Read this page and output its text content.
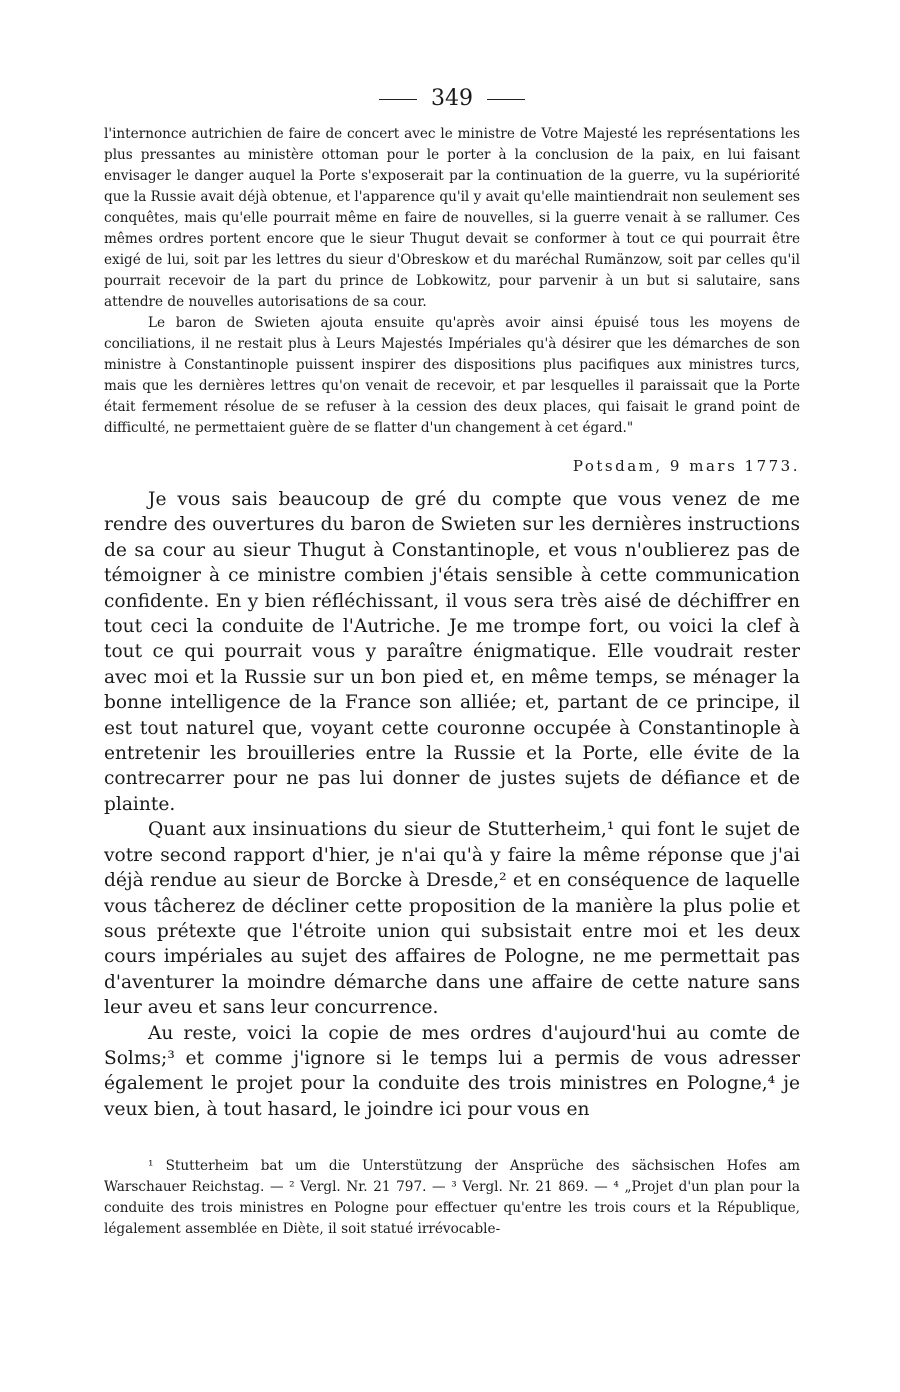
349

l'internonce autrichien de faire de concert avec le ministre de Votre Majesté les représentations les plus pressantes au ministère ottoman pour le porter à la conclusion de la paix, en lui faisant envisager le danger auquel la Porte s'exposerait par la continuation de la guerre, vu la supériorité que la Russie avait déjà obtenue, et l'apparence qu'il y avait qu'elle maintiendrait non seulement ses conquêtes, mais qu'elle pourrait même en faire de nouvelles, si la guerre venait à se rallumer. Ces mêmes ordres portent encore que le sieur Thugut devait se conformer à tout ce qui pourrait être exigé de lui, soit par les lettres du sieur d'Obreskow et du maréchal Rumänzow, soit par celles qu'il pourrait recevoir de la part du prince de Lobkowitz, pour parvenir à un but si salutaire, sans attendre de nouvelles autorisations de sa cour.

Le baron de Swieten ajouta ensuite qu'après avoir ainsi épuisé tous les moyens de conciliations, il ne restait plus à Leurs Majestés Impériales qu'à désirer que les démarches de son ministre à Constantinople puissent inspirer des dispositions plus pacifiques aux ministres turcs, mais que les dernières lettres qu'on venait de recevoir, et par lesquelles il paraissait que la Porte était fermement résolue de se refuser à la cession des deux places, qui faisait le grand point de difficulté, ne permettaient guère de se flatter d'un changement à cet égard."

Potsdam, 9 mars 1773.

Je vous sais beaucoup de gré du compte que vous venez de me rendre des ouvertures du baron de Swieten sur les dernières instructions de sa cour au sieur Thugut à Constantinople, et vous n'oublierez pas de témoigner à ce ministre combien j'étais sensible à cette communication confidente. En y bien réfléchissant, il vous sera très aisé de déchiffrer en tout ceci la conduite de l'Autriche. Je me trompe fort, ou voici la clef à tout ce qui pourrait vous y paraître énigmatique. Elle voudrait rester avec moi et la Russie sur un bon pied et, en même temps, se ménager la bonne intelligence de la France son alliée; et, partant de ce principe, il est tout naturel que, voyant cette couronne occupée à Constantinople à entretenir les brouilleries entre la Russie et la Porte, elle évite de la contrecarrer pour ne pas lui donner de justes sujets de défiance et de plainte.

Quant aux insinuations du sieur de Stutterheim,¹ qui font le sujet de votre second rapport d'hier, je n'ai qu'à y faire la même réponse que j'ai déjà rendue au sieur de Borcke à Dresde,² et en conséquence de laquelle vous tâcherez de décliner cette proposition de la manière la plus polie et sous prétexte que l'étroite union qui subsistait entre moi et les deux cours impériales au sujet des affaires de Pologne, ne me permettait pas d'aventurer la moindre démarche dans une affaire de cette nature sans leur aveu et sans leur concurrence.

Au reste, voici la copie de mes ordres d'aujourd'hui au comte de Solms;³ et comme j'ignore si le temps lui a permis de vous adresser également le projet pour la conduite des trois ministres en Pologne,⁴ je veux bien, à tout hasard, le joindre ici pour vous en

¹ Stutterheim bat um die Unterstützung der Ansprüche des sächsischen Hofes am Warschauer Reichstag. — ² Vergl. Nr. 21 797. — ³ Vergl. Nr. 21 869. — ⁴ „Projet d'un plan pour la conduite des trois ministres en Pologne pour effectuer qu'entre les trois cours et la République, légalement assemblée en Diète, il soit statué irrévocable-
